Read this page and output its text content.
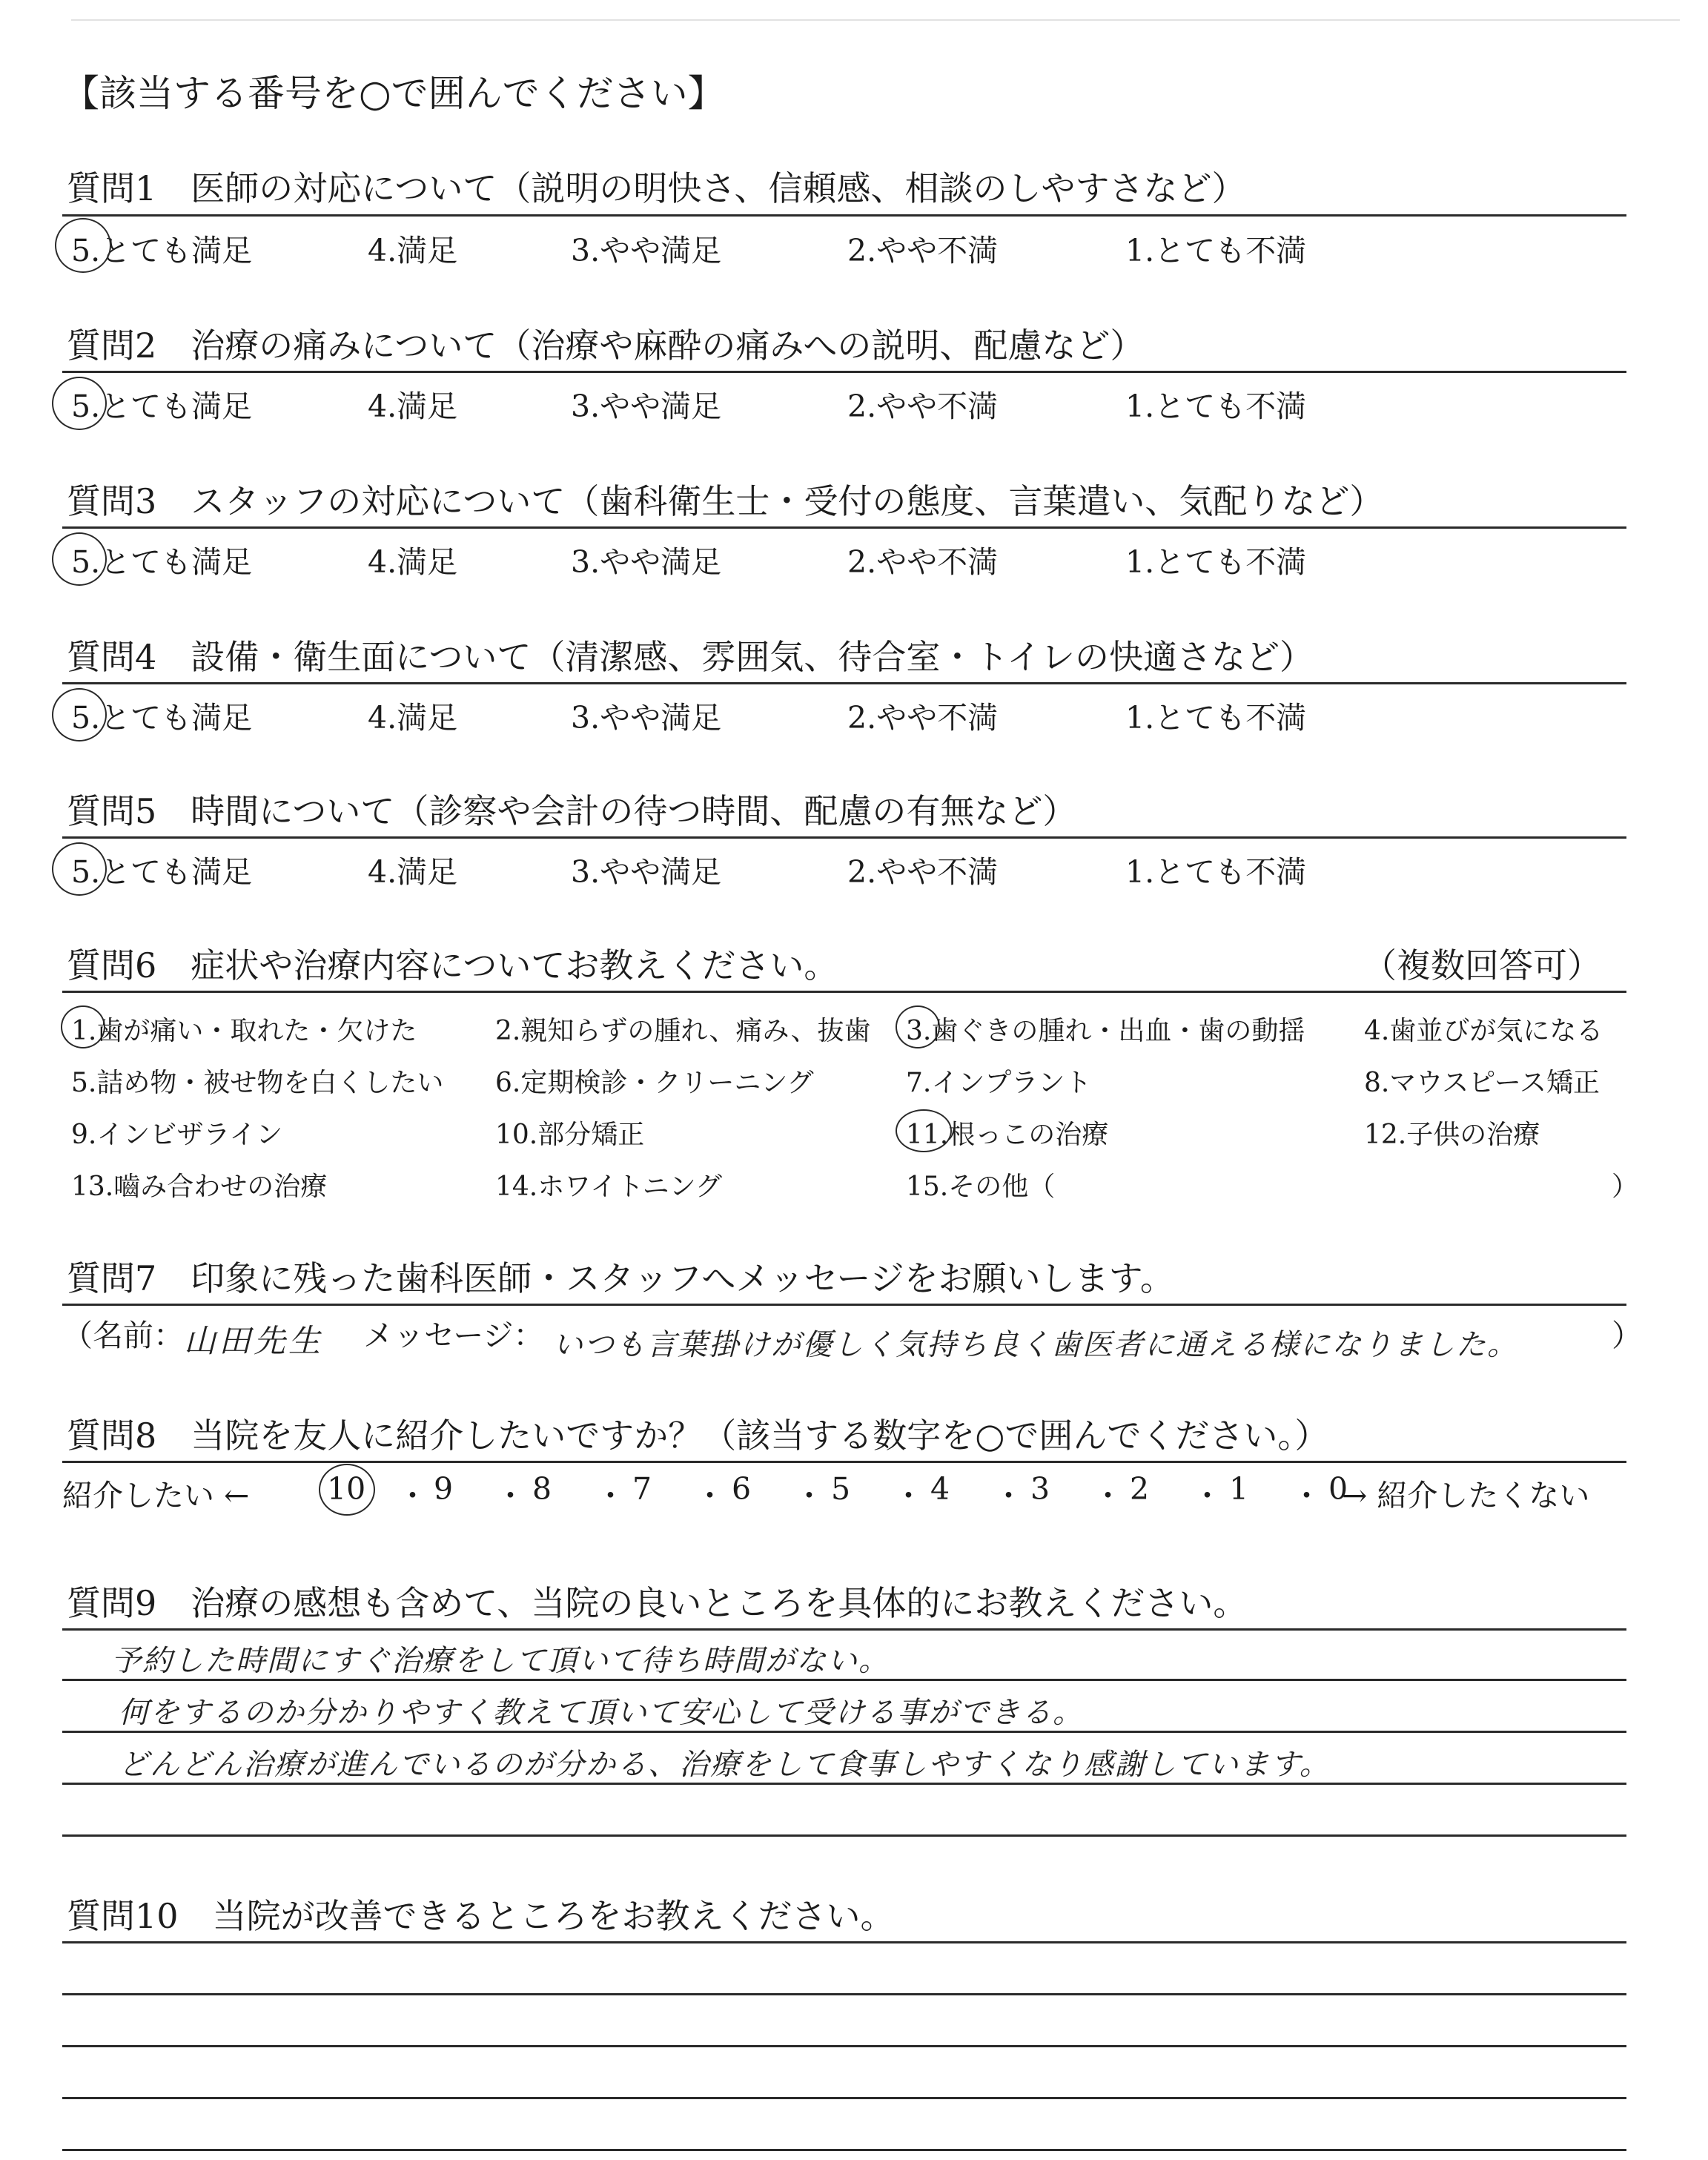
【該当する番号を○で囲んでください】
質問1　医師の対応について（説明の明快さ、信頼感、相談のしやすさなど）
5.とても満足	4.満足	3.やや満足	2.やや不満	1.とても不満
質問2　治療の痛みについて（治療や麻酔の痛みへの説明、配慮など）
5.とても満足	4.満足	3.やや満足	2.やや不満	1.とても不満
質問3　スタッフの対応について（歯科衛生士・受付の態度、言葉遣い、気配りなど）
5.とても満足	4.満足	3.やや満足	2.やや不満	1.とても不満
質問4　設備・衛生面について（清潔感、雰囲気、待合室・トイレの快適さなど）
5.とても満足	4.満足	3.やや満足	2.やや不満	1.とても不満
質問5　時間について（診察や会計の待つ時間、配慮の有無など）
5.とても満足	4.満足	3.やや満足	2.やや不満	1.とても不満
質問6　症状や治療内容についてお教えください。	（複数回答可）
1.歯が痛い・取れた・欠けた	2.親知らずの腫れ、痛み、抜歯 3.歯ぐきの腫れ・出血・歯の動揺 4.歯並びが気になる
5.詰め物・被せ物を白くしたい 6.定期検診・クリーニング	7.インプラント	8.マウスピース矯正
9.インビザライン	10.部分矯正	11.根っこの治療	12.子供の治療
13.嚙み合わせの治療	14.ホワイトニング	15.その他（	）
質問7　印象に残った歯科医師・スタッフへメッセージをお願いします。
（名前： 山田先生 メッセージ： いつも言葉掛けが優しく気持ち良く歯医者に通える様になりました。	）
質問8　当院を友人に紹介したいですか？（該当する数字を○で囲んでください。）
紹介したい ←	10 9	8	7	6	5	4	3	2	1	0
→ 紹介したくない
・ ・ ・ ・ ・ ・ ・ ・ ・ ・
質問9　治療の感想も含めて、当院の良いところを具体的にお教えください。
予約した時間にすぐ治療をして頂いて待ち時間がない。
何をするのか分かりやすく教えて頂いて安心して受ける事ができる。
どんどん治療が進んでいるのが分かる、治療をして食事しやすくなり感謝しています。
質問10　当院が改善できるところをお教えください。
